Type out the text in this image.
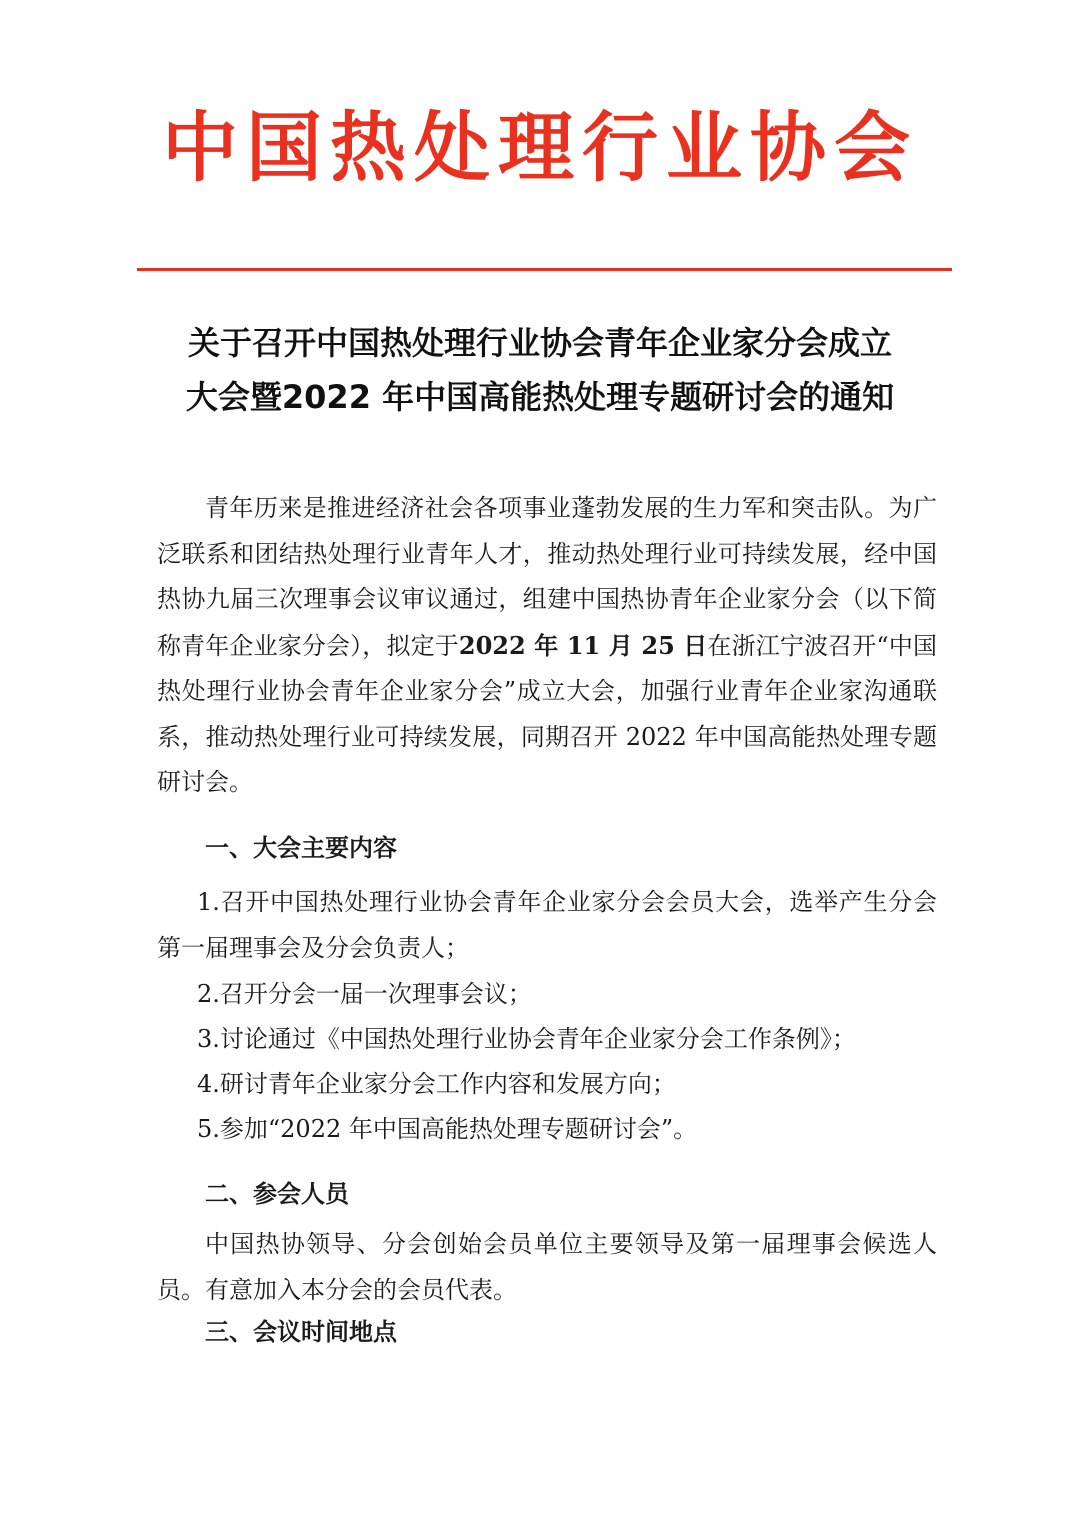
中国热处理行业协会
关于召开中国热处理行业协会青年企业家分会成立
大会暨2022 年中国高能热处理专题研讨会的通知

青年历来是推进经济社会各项事业蓬勃发展的生力军和突击队。为广泛联系和团结热处理行业青年人才，推动热处理行业可持续发展，经中国热协九届三次理事会议审议通过，组建中国热协青年企业家分会（以下简称青年企业家分会），拟定于2022 年 11 月 25 日在浙江宁波召开“中国热处理行业协会青年企业家分会”成立大会，加强行业青年企业家沟通联系，推动热处理行业可持续发展，同期召开 2022 年中国高能热处理专题研讨会。

一、大会主要内容

1.召开中国热处理行业协会青年企业家分会会员大会，选举产生分会第一届理事会及分会负责人；

2.召开分会一届一次理事会议；

3.讨论通过《中国热处理行业协会青年企业家分会工作条例》；

4.研讨青年企业家分会工作内容和发展方向；

5.参加“2022 年中国高能热处理专题研讨会”。

二、参会人员

中国热协领导、分会创始会员单位主要领导及第一届理事会候选人员。有意加入本分会的会员代表。

三、会议时间地点
